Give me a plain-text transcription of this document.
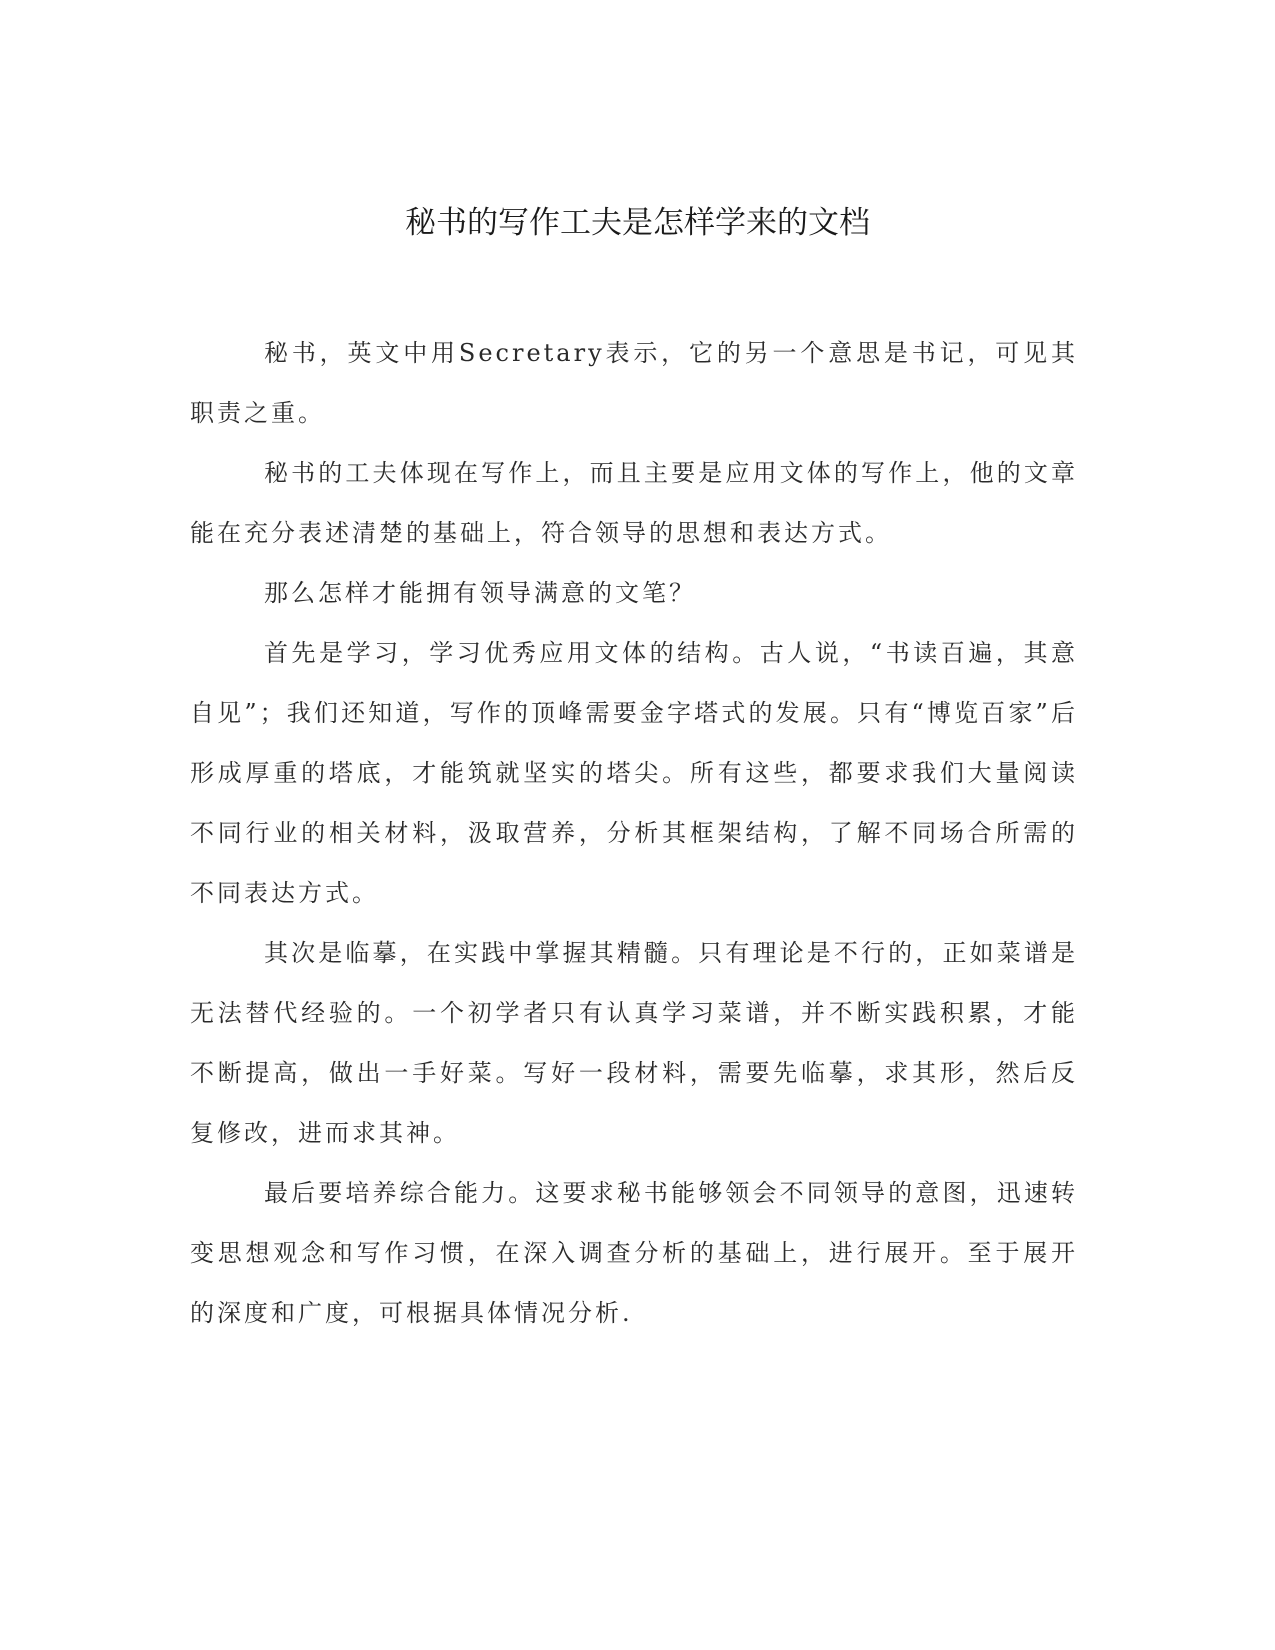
秘书的写作工夫是怎样学来的文档

秘书，英文中用Secretary表示，它的另一个意思是书记，可见其职责之重。

秘书的工夫体现在写作上，而且主要是应用文体的写作上，他的文章能在充分表述清楚的基础上，符合领导的思想和表达方式。

那么怎样才能拥有领导满意的文笔？

首先是学习，学习优秀应用文体的结构。古人说，“书读百遍，其意自见”；我们还知道，写作的顶峰需要金字塔式的发展。只有“博览百家”后形成厚重的塔底，才能筑就坚实的塔尖。所有这些，都要求我们大量阅读不同行业的相关材料，汲取营养，分析其框架结构，了解不同场合所需的不同表达方式。

其次是临摹，在实践中掌握其精髓。只有理论是不行的，正如菜谱是无法替代经验的。一个初学者只有认真学习菜谱，并不断实践积累，才能不断提高，做出一手好菜。写好一段材料，需要先临摹，求其形，然后反复修改，进而求其神。

最后要培养综合能力。这要求秘书能够领会不同领导的意图，迅速转变思想观念和写作习惯，在深入调查分析的基础上，进行展开。至于展开的深度和广度，可根据具体情况分析.
